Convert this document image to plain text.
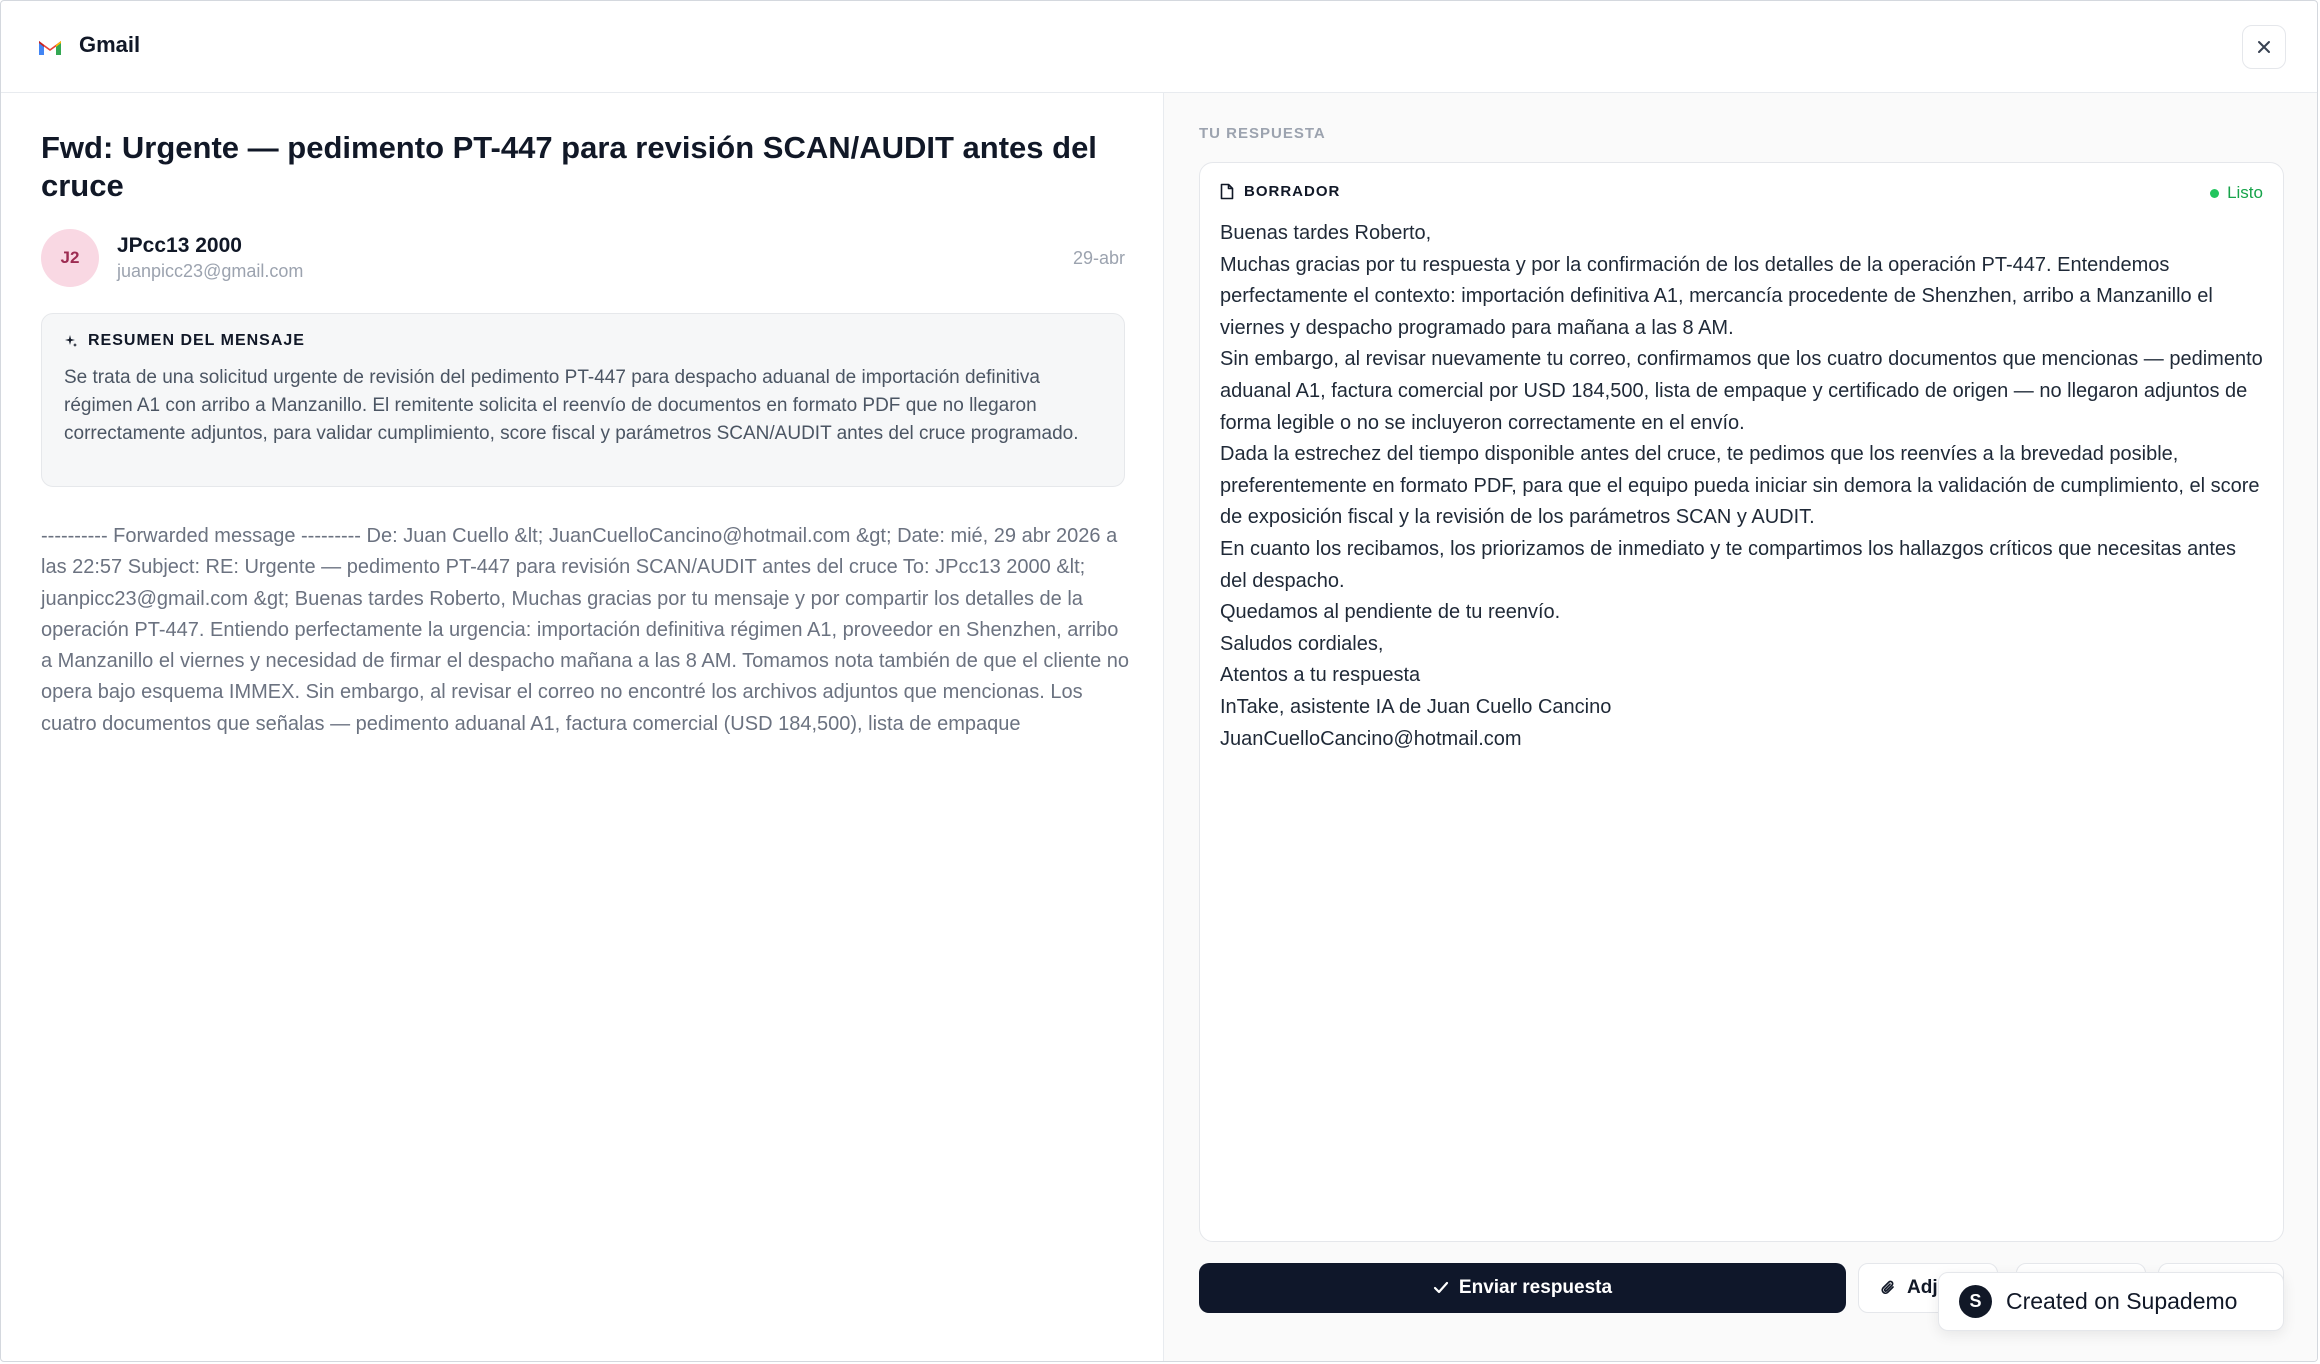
Gmail
Fwd: Urgente — pedimento PT-447 para revisión SCAN/AUDIT antes del cruce
J2
JPcc13 2000
juanpicc23@gmail.com
29-abr
RESUMEN DEL MENSAJE

Se trata de una solicitud urgente de revisión del pedimento PT-447 para despacho aduanal de importación definitiva régimen A1 con arribo a Manzanillo. El remitente solicita el reenvío de documentos en formato PDF que no llegaron correctamente adjuntos, para validar cumplimiento, score fiscal y parámetros SCAN/AUDIT antes del cruce programado.

---------- Forwarded message --------- De: Juan Cuello &lt; JuanCuelloCancino@hotmail.com &gt; Date: mié, 29 abr 2026 a las 22:57 Subject: RE: Urgente — pedimento PT-447 para revisión SCAN/AUDIT antes del cruce To: JPcc13 2000 &lt; juanpicc23@gmail.com &gt; Buenas tardes Roberto, Muchas gracias por tu mensaje y por compartir los detalles de la operación PT-447. Entiendo perfectamente la urgencia: importación definitiva régimen A1, proveedor en Shenzhen, arribo a Manzanillo el viernes y necesidad de firmar el despacho mañana a las 8 AM. Tomamos nota también de que el cliente no opera bajo esquema IMMEX. Sin embargo, al revisar el correo no encontré los archivos adjuntos que mencionas. Los cuatro documentos que señalas — pedimento aduanal A1, factura comercial (USD 184,500), lista de empaque

TU RESPUESTA
BORRADOR	Listo

Buenas tardes Roberto,

Muchas gracias por tu respuesta y por la confirmación de los detalles de la operación PT-447. Entendemos perfectamente el contexto: importación definitiva A1, mercancía procedente de Shenzhen, arribo a Manzanillo el viernes y despacho programado para mañana a las 8 AM.

Sin embargo, al revisar nuevamente tu correo, confirmamos que los cuatro documentos que mencionas — pedimento aduanal A1, factura comercial por USD 184,500, lista de empaque y certificado de origen — no llegaron adjuntos de forma legible o no se incluyeron correctamente en el envío.

Dada la estrechez del tiempo disponible antes del cruce, te pedimos que los reenvíes a la brevedad posible, preferentemente en formato PDF, para que el equipo pueda iniciar sin demora la validación de cumplimiento, el score de exposición fiscal y la revisión de los parámetros SCAN y AUDIT.

En cuanto los recibamos, los priorizamos de inmediato y te compartimos los hallazgos críticos que necesitas antes del despacho.

Quedamos al pendiente de tu reenvío.

Saludos cordiales,

Atentos a tu respuesta

InTake, asistente IA de Juan Cuello Cancino

JuanCuelloCancino@hotmail.com

Enviar respuesta	Adj
S	Created on Supademo
